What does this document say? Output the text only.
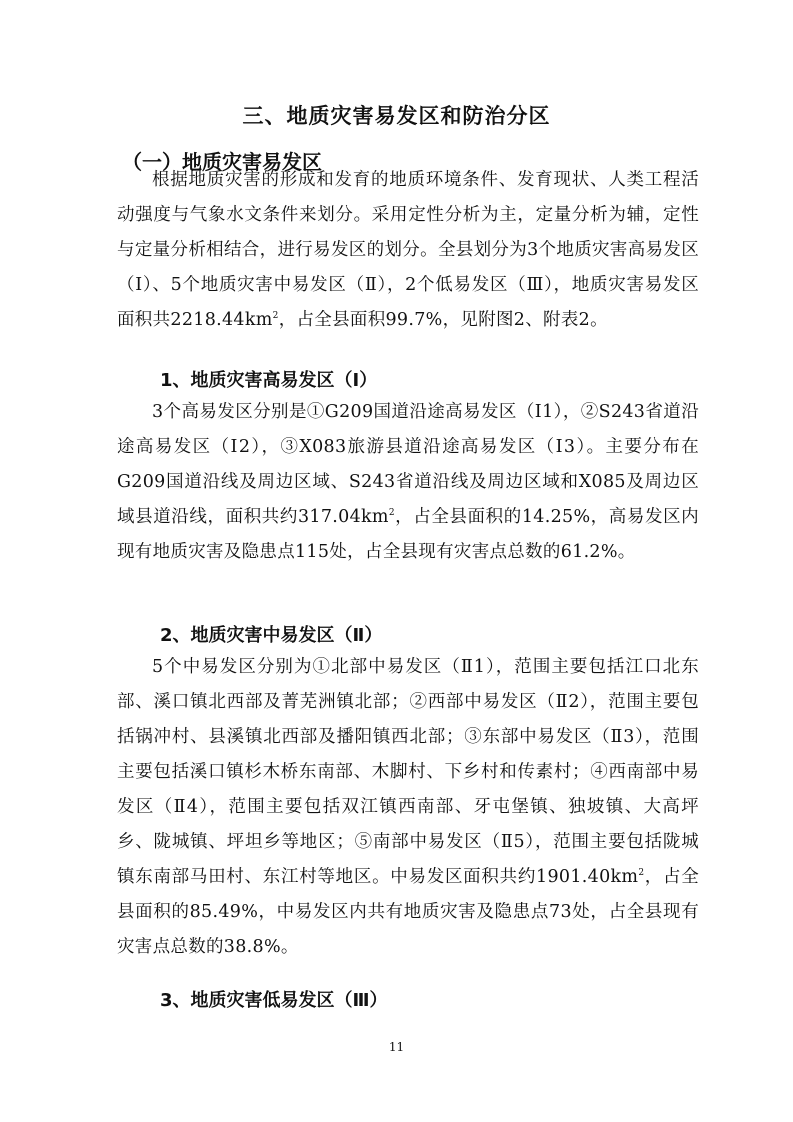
三、地质灾害易发区和防治分区
（一）地质灾害易发区

根据地质灾害的形成和发育的地质环境条件、发育现状、人类工程活动强度与气象水文条件来划分。采用定性分析为主，定量分析为辅，定性与定量分析相结合，进行易发区的划分。全县划分为3个地质灾害高易发区（Ⅰ）、5个地质灾害中易发区（Ⅱ），2个低易发区（Ⅲ），地质灾害易发区面积共$2218.44km^2$，占全县面积99.7%，见附图2、附表2。

1、地质灾害高易发区（Ⅰ）

3个高易发区分别是①G209国道沿途高易发区（Ⅰ1），②S243省道沿途高易发区（Ⅰ2），③X083旅游县道沿途高易发区（Ⅰ3）。主要分布在G209国道沿线及周边区域、S243省道沿线及周边区域和X085及周边区域县道沿线，面积共约$317.04km^2$，占全县面积的14.25%，高易发区内现有地质灾害及隐患点115处，占全县现有灾害点总数的61.2%。

2、地质灾害中易发区（Ⅱ）

5个中易发区分别为①北部中易发区（Ⅱ1），范围主要包括江口北东部、溪口镇北西部及菁芜洲镇北部；②西部中易发区（Ⅱ2），范围主要包括锅冲村、县溪镇北西部及播阳镇西北部；③东部中易发区（Ⅱ3），范围主要包括溪口镇杉木桥东南部、木脚村、下乡村和传素村；④西南部中易发区（Ⅱ4），范围主要包括双江镇西南部、牙屯堡镇、独坡镇、大高坪乡、陇城镇、坪坦乡等地区；⑤南部中易发区（Ⅱ5），范围主要包括陇城镇东南部马田村、东江村等地区。中易发区面积共约$1901.40km^2$，占全县面积的85.49%，中易发区内共有地质灾害及隐患点73处，占全县现有灾害点总数的38.8%。

3、地质灾害低易发区（Ⅲ）
11
